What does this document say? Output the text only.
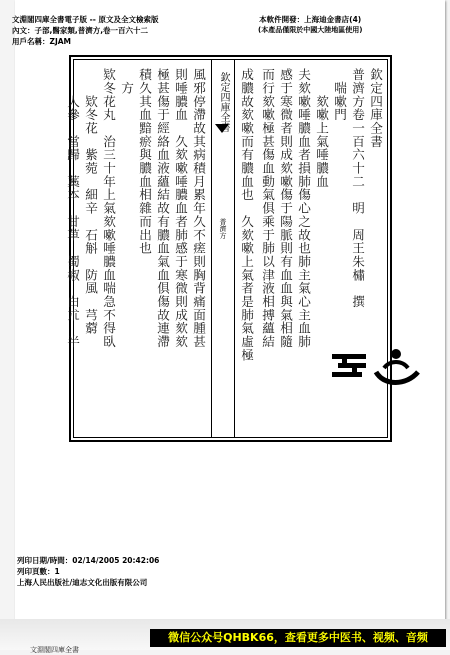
文淵閣四庫全書電子版 -- 原文及全文檢索版
內文：子部,醫家類,普濟方,卷一百六十二
用戶名稱：ZJAM
本軟件開發：上海迪金書店(4)
(本產品僅限於中國大陸地區使用)
欽定四庫全書
普濟方卷一百六十二　明　周王朱橚　撰
　喘嗽門
　　欬嗽上氣唾膿血
夫欬嗽唾膿血者損肺傷心之故也肺主氣心主血肺
感于寒微者則成欬嗽傷于陽脈則有血血與氣相隨
而行欬嗽極甚傷血動氣俱乘于肺以津液相搏蘊結
成膿故欬嗽而有膿血也　久欬嗽上氣者是肺氣虛極
欽定四庫全書
普濟方
風邪停滯故其病積月累年久不瘥則胸背痛面腫甚
則唾膿血　久欬嗽唾膿血者肺感于寒微則成欬欬
極甚傷于經絡血液蘊結故有膿血氣血俱傷故連滯
積久其血黯瘀與膿血相雜而出也
　方
欵冬花丸　治三十年上氣欬嗽唾膿血喘急不得臥
　　欵冬花　紫菀　細辛　石斛　防風　芎藭
　　人參　當歸　藁本　甘草　蜀椒　白朮　半
列印日期/時間：02/14/2005 20:42:06
列印頁數：1
上海人民出版社/迪志文化出版有限公司
文淵閣四庫全書
微信公众号QHBK66，查看更多中医书、视频、音频
